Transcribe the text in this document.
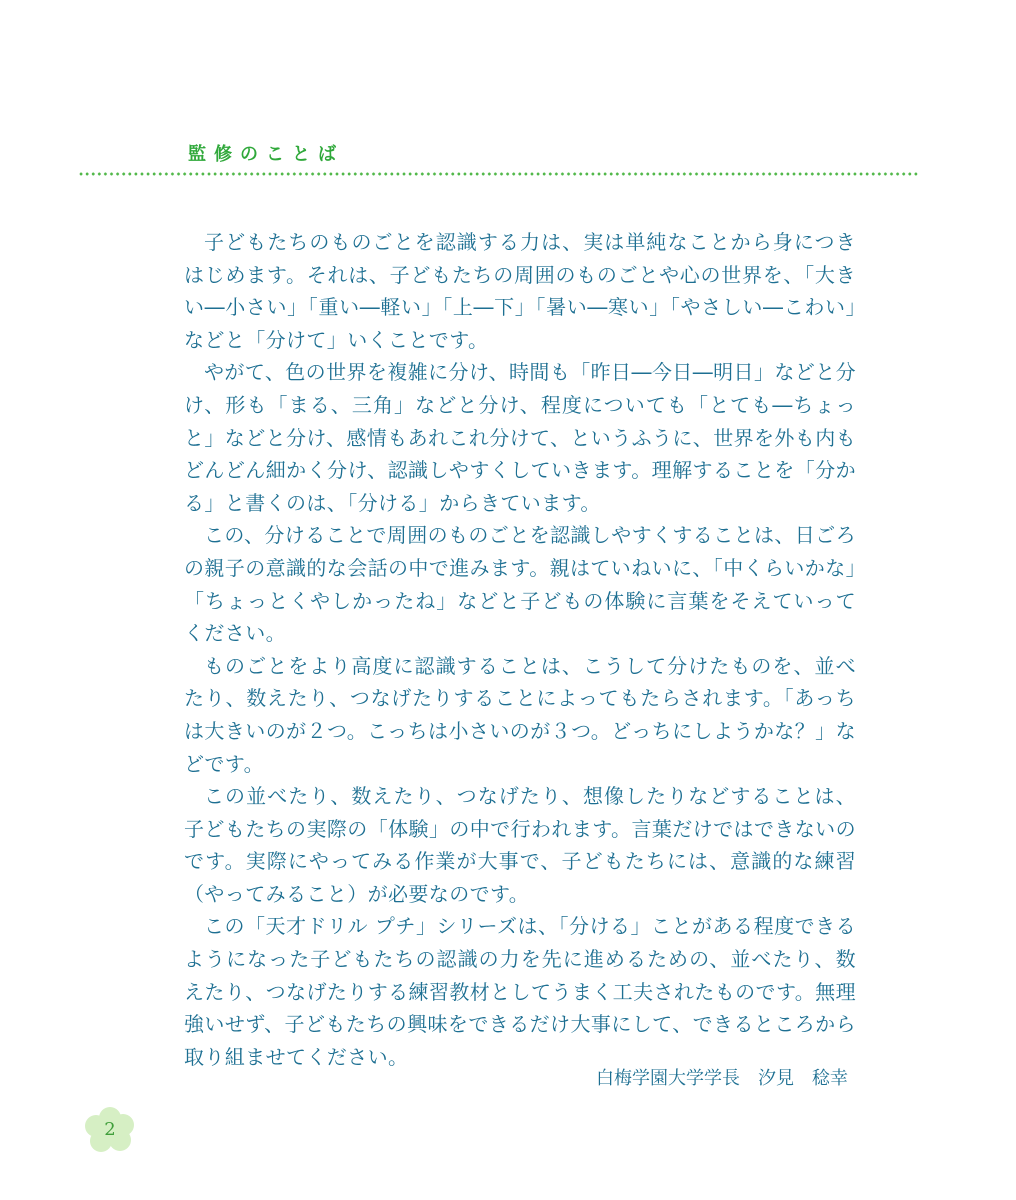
監修のことば

子どもたちのものごとを認識する力は、実は単純なことから身につきはじめます。それは、子どもたちの周囲のものごとや心の世界を、「大きい―小さい」「重い―軽い」「上―下」「暑い―寒い」「やさしい―こわい」などと「分けて」いくことです。

やがて、色の世界を複雑に分け、時間も「昨日―今日―明日」などと分け、形も「まる、三角」などと分け、程度についても「とても―ちょっと」などと分け、感情もあれこれ分けて、というふうに、世界を外も内もどんどん細かく分け、認識しやすくしていきます。理解することを「分かる」と書くのは、「分ける」からきています。

この、分けることで周囲のものごとを認識しやすくすることは、日ごろの親子の意識的な会話の中で進みます。親はていねいに、「中くらいかな」「ちょっとくやしかったね」などと子どもの体験に言葉をそえていってください。

ものごとをより高度に認識することは、こうして分けたものを、並べたり、数えたり、つなげたりすることによってもたらされます。「あっちは大きいのが２つ。こっちは小さいのが３つ。どっちにしようかな？」などです。

この並べたり、数えたり、つなげたり、想像したりなどすることは、子どもたちの実際の「体験」の中で行われます。言葉だけではできないのです。実際にやってみる作業が大事で、子どもたちには、意識的な練習（やってみること）が必要なのです。

この「天才ドリル プチ」シリーズは、「分ける」ことがある程度できるようになった子どもたちの認識の力を先に進めるための、並べたり、数えたり、つなげたりする練習教材としてうまく工夫されたものです。無理強いせず、子どもたちの興味をできるだけ大事にして、できるところから取り組ませてください。

白梅学園大学学長　汐見　稔幸
2
